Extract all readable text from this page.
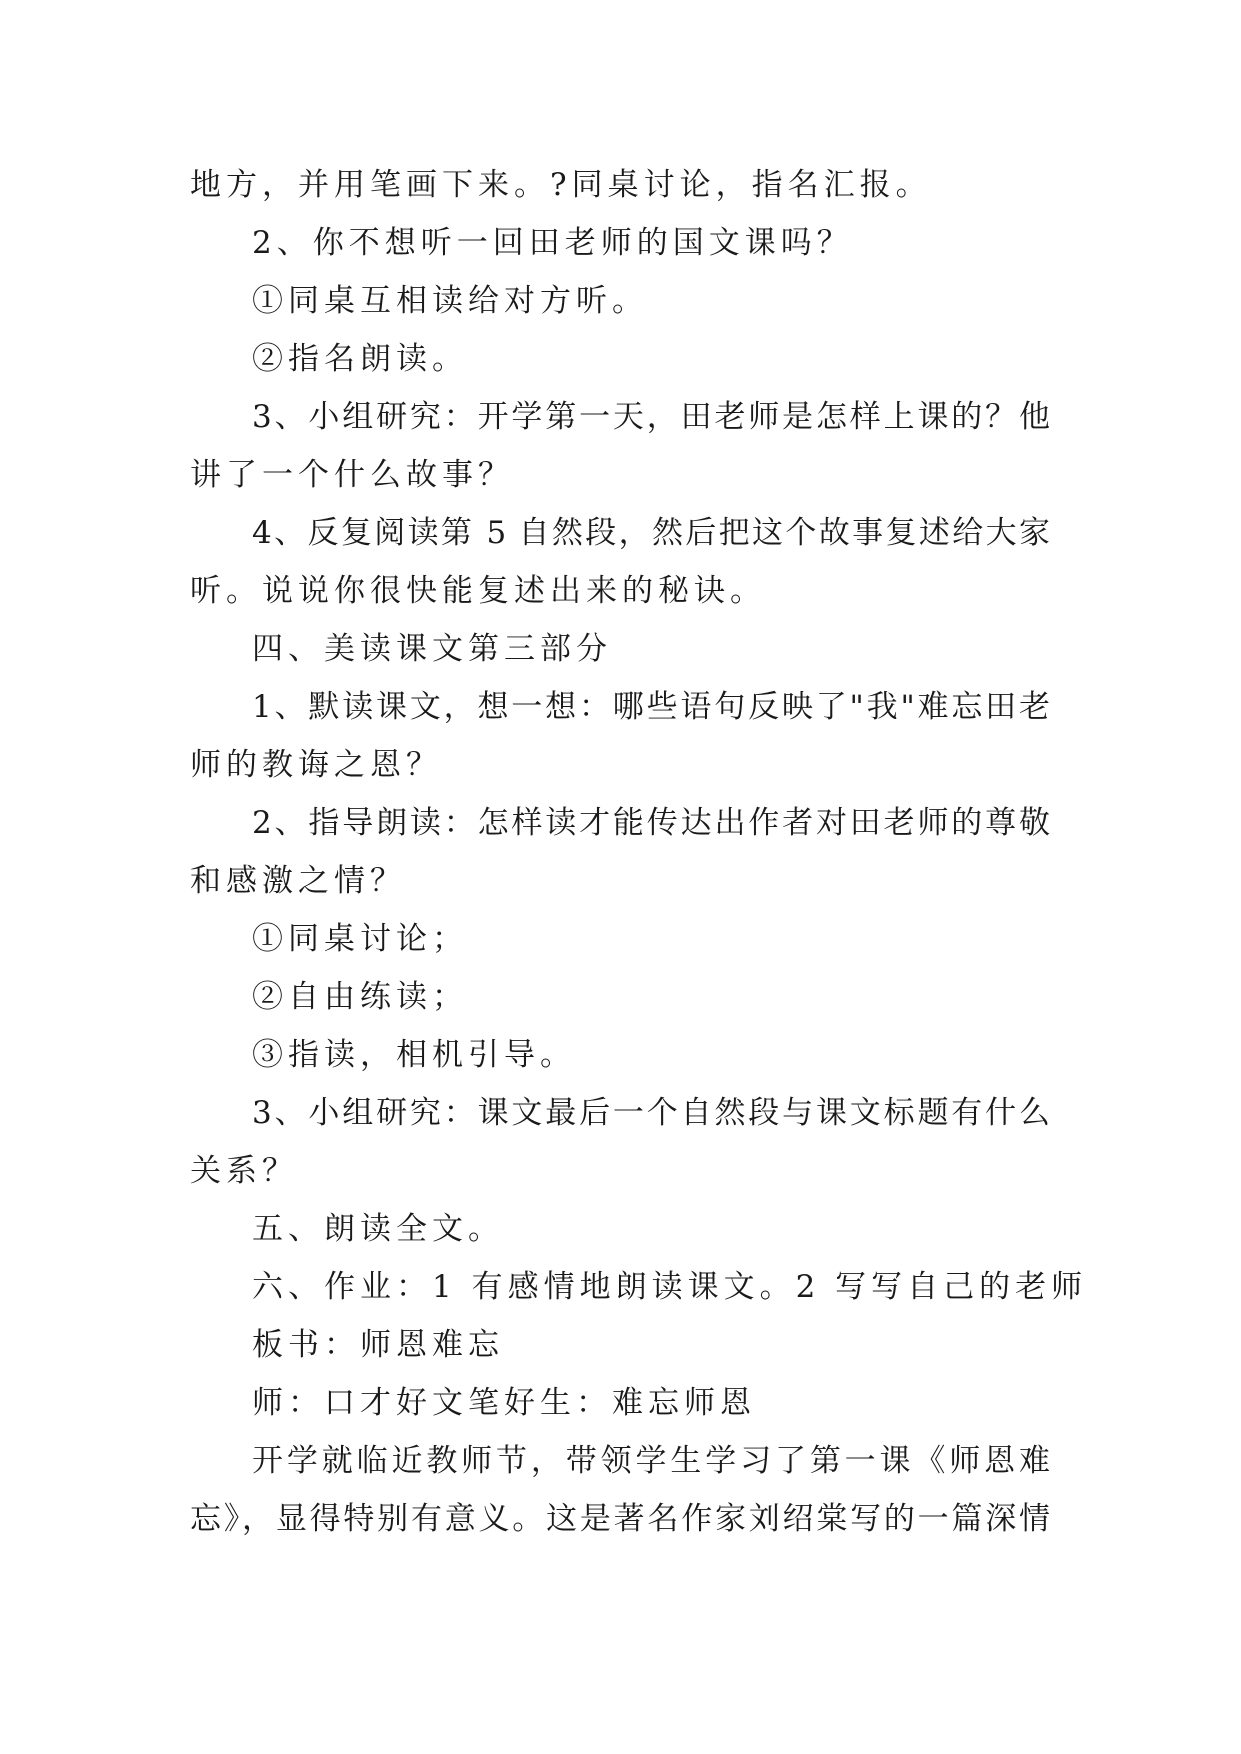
地方，并用笔画下来。?同桌讨论，指名汇报。
2、你不想听一回田老师的国文课吗？
①同桌互相读给对方听。
②指名朗读。
3、小组研究：开学第一天，田老师是怎样上课的？他
讲了一个什么故事？
4、反复阅读第 5 自然段，然后把这个故事复述给大家
听。说说你很快能复述出来的秘诀。
四、美读课文第三部分
1、默读课文，想一想：哪些语句反映了"我"难忘田老
师的教诲之恩？
2、指导朗读：怎样读才能传达出作者对田老师的尊敬
和感激之情？
①同桌讨论；
②自由练读；
③指读，相机引导。
3、小组研究：课文最后一个自然段与课文标题有什么
关系？
五、朗读全文。
六、作业：1 有感情地朗读课文。2 写写自己的老师
板书：师恩难忘
师：口才好文笔好生：难忘师恩
开学就临近教师节，带领学生学习了第一课《师恩难
忘》，显得特别有意义。这是著名作家刘绍棠写的一篇深情
